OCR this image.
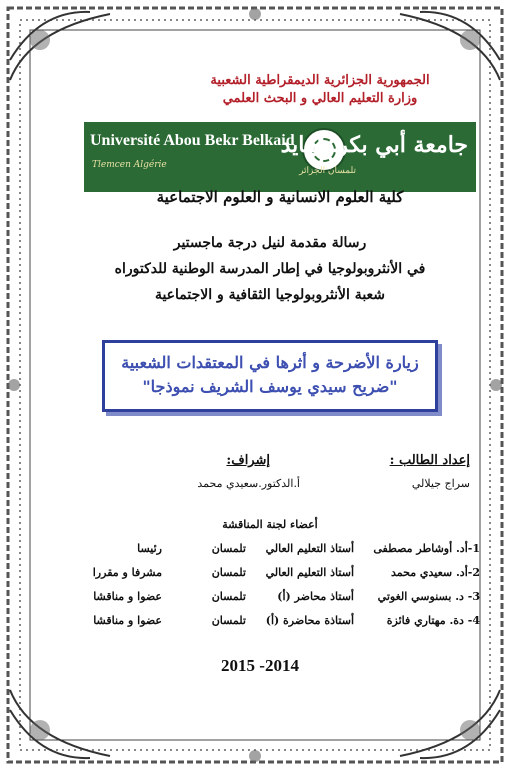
الجمهورية الجزائرية الديمقراطية الشعبية
وزارة التعليم العالي و البحث العلمي
Université Abou Bekr Belkaid
Tlemcen Algérie
جامعة أبي بكر بلقايد
تلمسان الجزائر
كلية العلوم الانسانية و العلوم الاجتماعية
رسالة مقدمة لنيل درجة ماجستير
في الأنثروبولوجيا في إطار المدرسة الوطنية للدكتوراه
شعبة الأنثروبولوجيا الثقافية و الاجتماعية
زيارة الأضرحة و أثرها في المعتقدات الشعبية
"ضريح سيدي يوسف الشريف نموذجا"
إعداد الطالب :
سراج جيلالي
إشراف:
أ.الدكتور.سعيدي محمد
أعضاء لجنة المناقشة
1-أد. أوشاطر مصطفى
أستاذ التعليم العالي
تلمسان
رئيسا
2-أد. سعيدي محمد
أستاذ التعليم العالي
تلمسان
مشرفا و مقررا
3- د. بسنوسي الغوتي
أستاذ محاضر (أ)
تلمسان
عضوا و مناقشا
4- دة. مهتاري فائزة
أستاذة محاضرة (أ)
تلمسان
عضوا و مناقشا
2015 -2014
